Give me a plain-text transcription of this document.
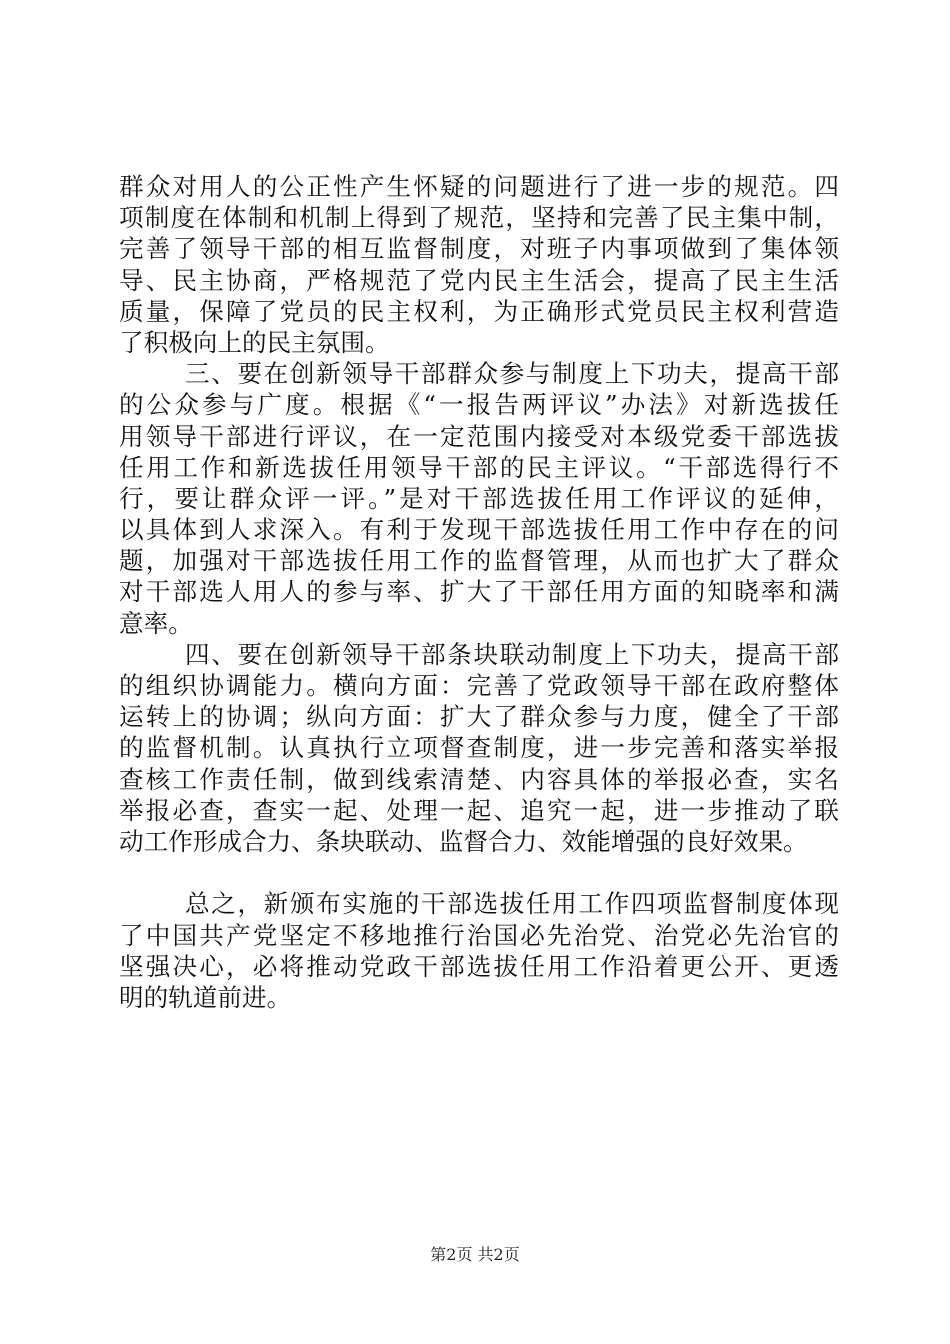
群众对用人的公正性产生怀疑的问题进行了进一步的规范。四
项制度在体制和机制上得到了规范，坚持和完善了民主集中制，
完善了领导干部的相互监督制度，对班子内事项做到了集体领
导、民主协商，严格规范了党内民主生活会，提高了民主生活
质量，保障了党员的民主权利，为正确形式党员民主权利营造
了积极向上的民主氛围。
三、要在创新领导干部群众参与制度上下功夫，提高干部
的公众参与广度。根据《“一报告两评议”办法》对新选拔任
用领导干部进行评议，在一定范围内接受对本级党委干部选拔
任用工作和新选拔任用领导干部的民主评议。“干部选得行不
行，要让群众评一评。”是对干部选拔任用工作评议的延伸，
以具体到人求深入。有利于发现干部选拔任用工作中存在的问
题，加强对干部选拔任用工作的监督管理，从而也扩大了群众
对干部选人用人的参与率、扩大了干部任用方面的知晓率和满
意率。
四、要在创新领导干部条块联动制度上下功夫，提高干部
的组织协调能力。横向方面：完善了党政领导干部在政府整体
运转上的协调；纵向方面：扩大了群众参与力度，健全了干部
的监督机制。认真执行立项督查制度，进一步完善和落实举报
查核工作责任制，做到线索清楚、内容具体的举报必查，实名
举报必查，查实一起、处理一起、追究一起，进一步推动了联
动工作形成合力、条块联动、监督合力、效能增强的良好效果。
总之，新颁布实施的干部选拔任用工作四项监督制度体现
了中国共产党坚定不移地推行治国必先治党、治党必先治官的
坚强决心，必将推动党政干部选拔任用工作沿着更公开、更透
明的轨道前进。
第2页 共2页
